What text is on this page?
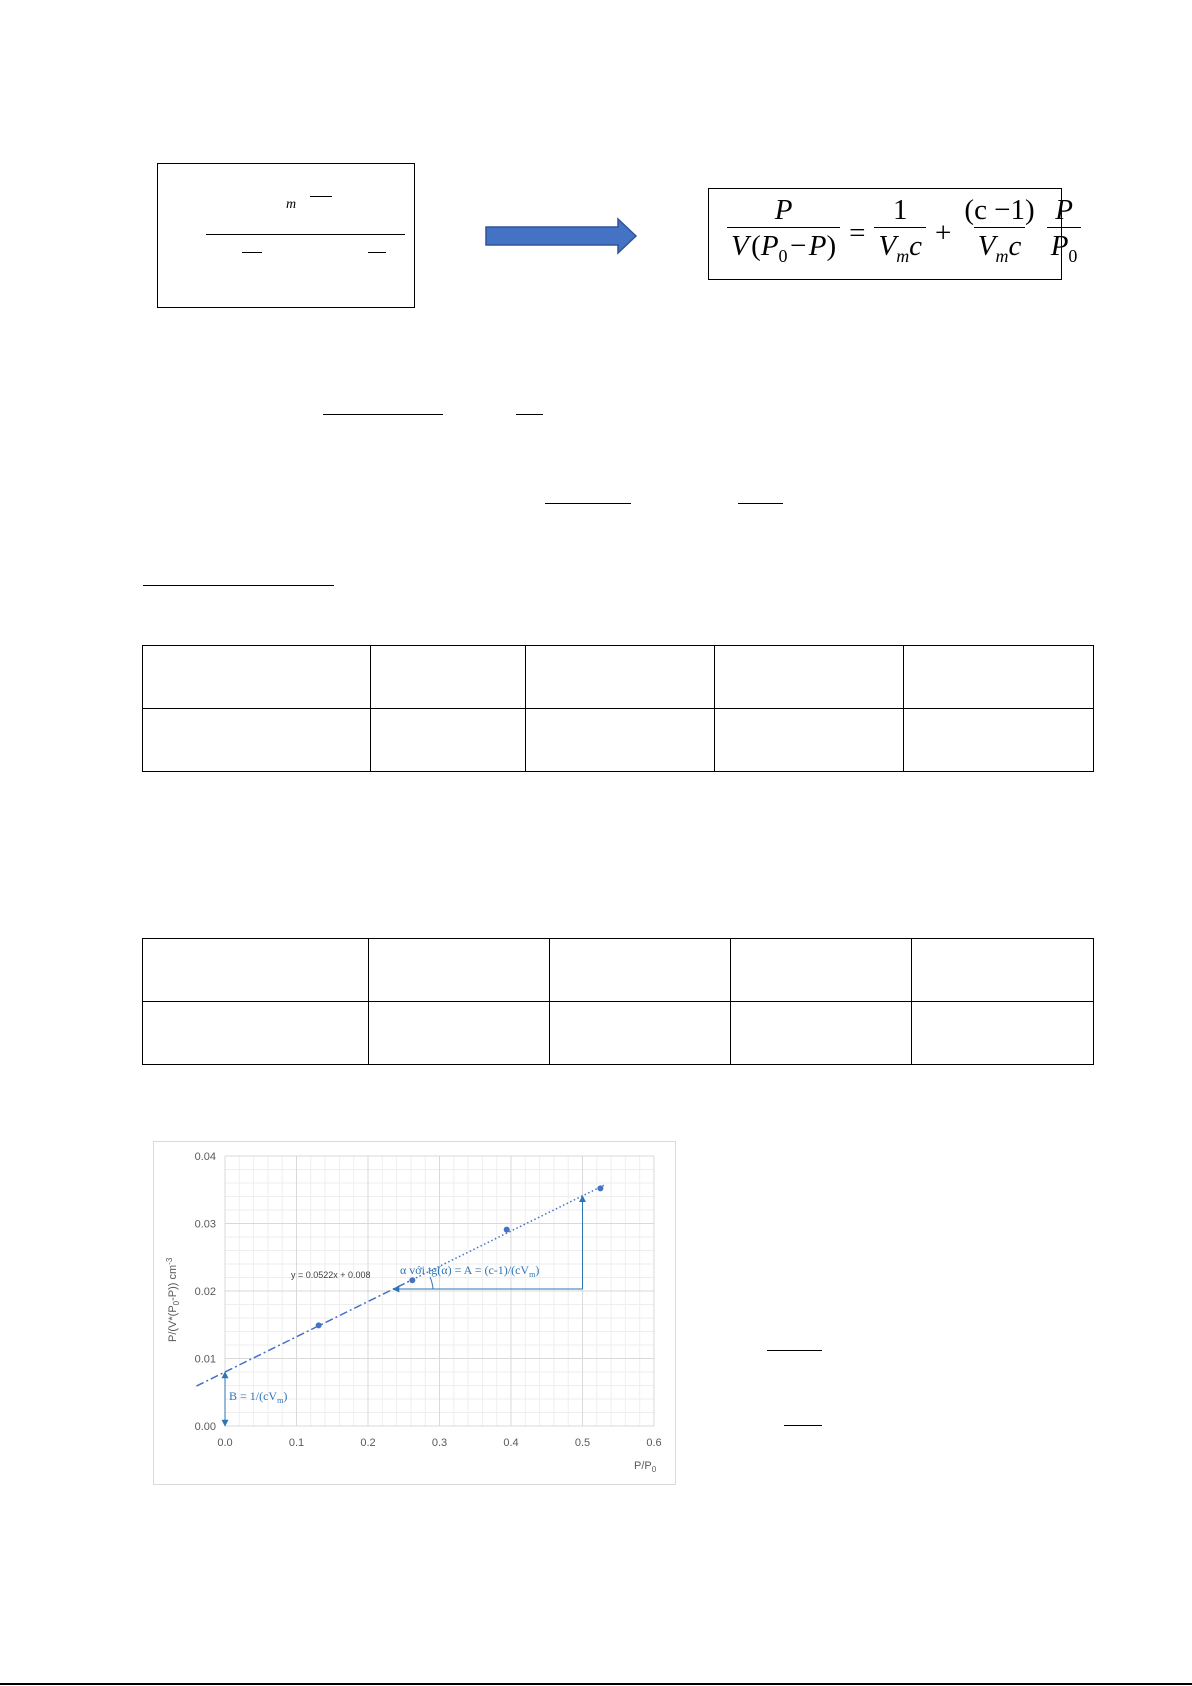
m	$\frac{P}{V (P_0 - P)} = \frac{1}{V_mc} + \frac{(c -1)}{V_mc} \frac{P}{P_0}$

0.0	0.1	0.2	0.3	0.4	0.5	0.6
0.00
0.01
0.02
0.03
0.04
y = 0.0522x + 0.008 α với $tg(\alpha) = A = (c-1)/(cV_m)$
$B = 1/(cV_m)$
$P/P_0$
$P/(V*(P_0-P))$ $cm^{-3}$
